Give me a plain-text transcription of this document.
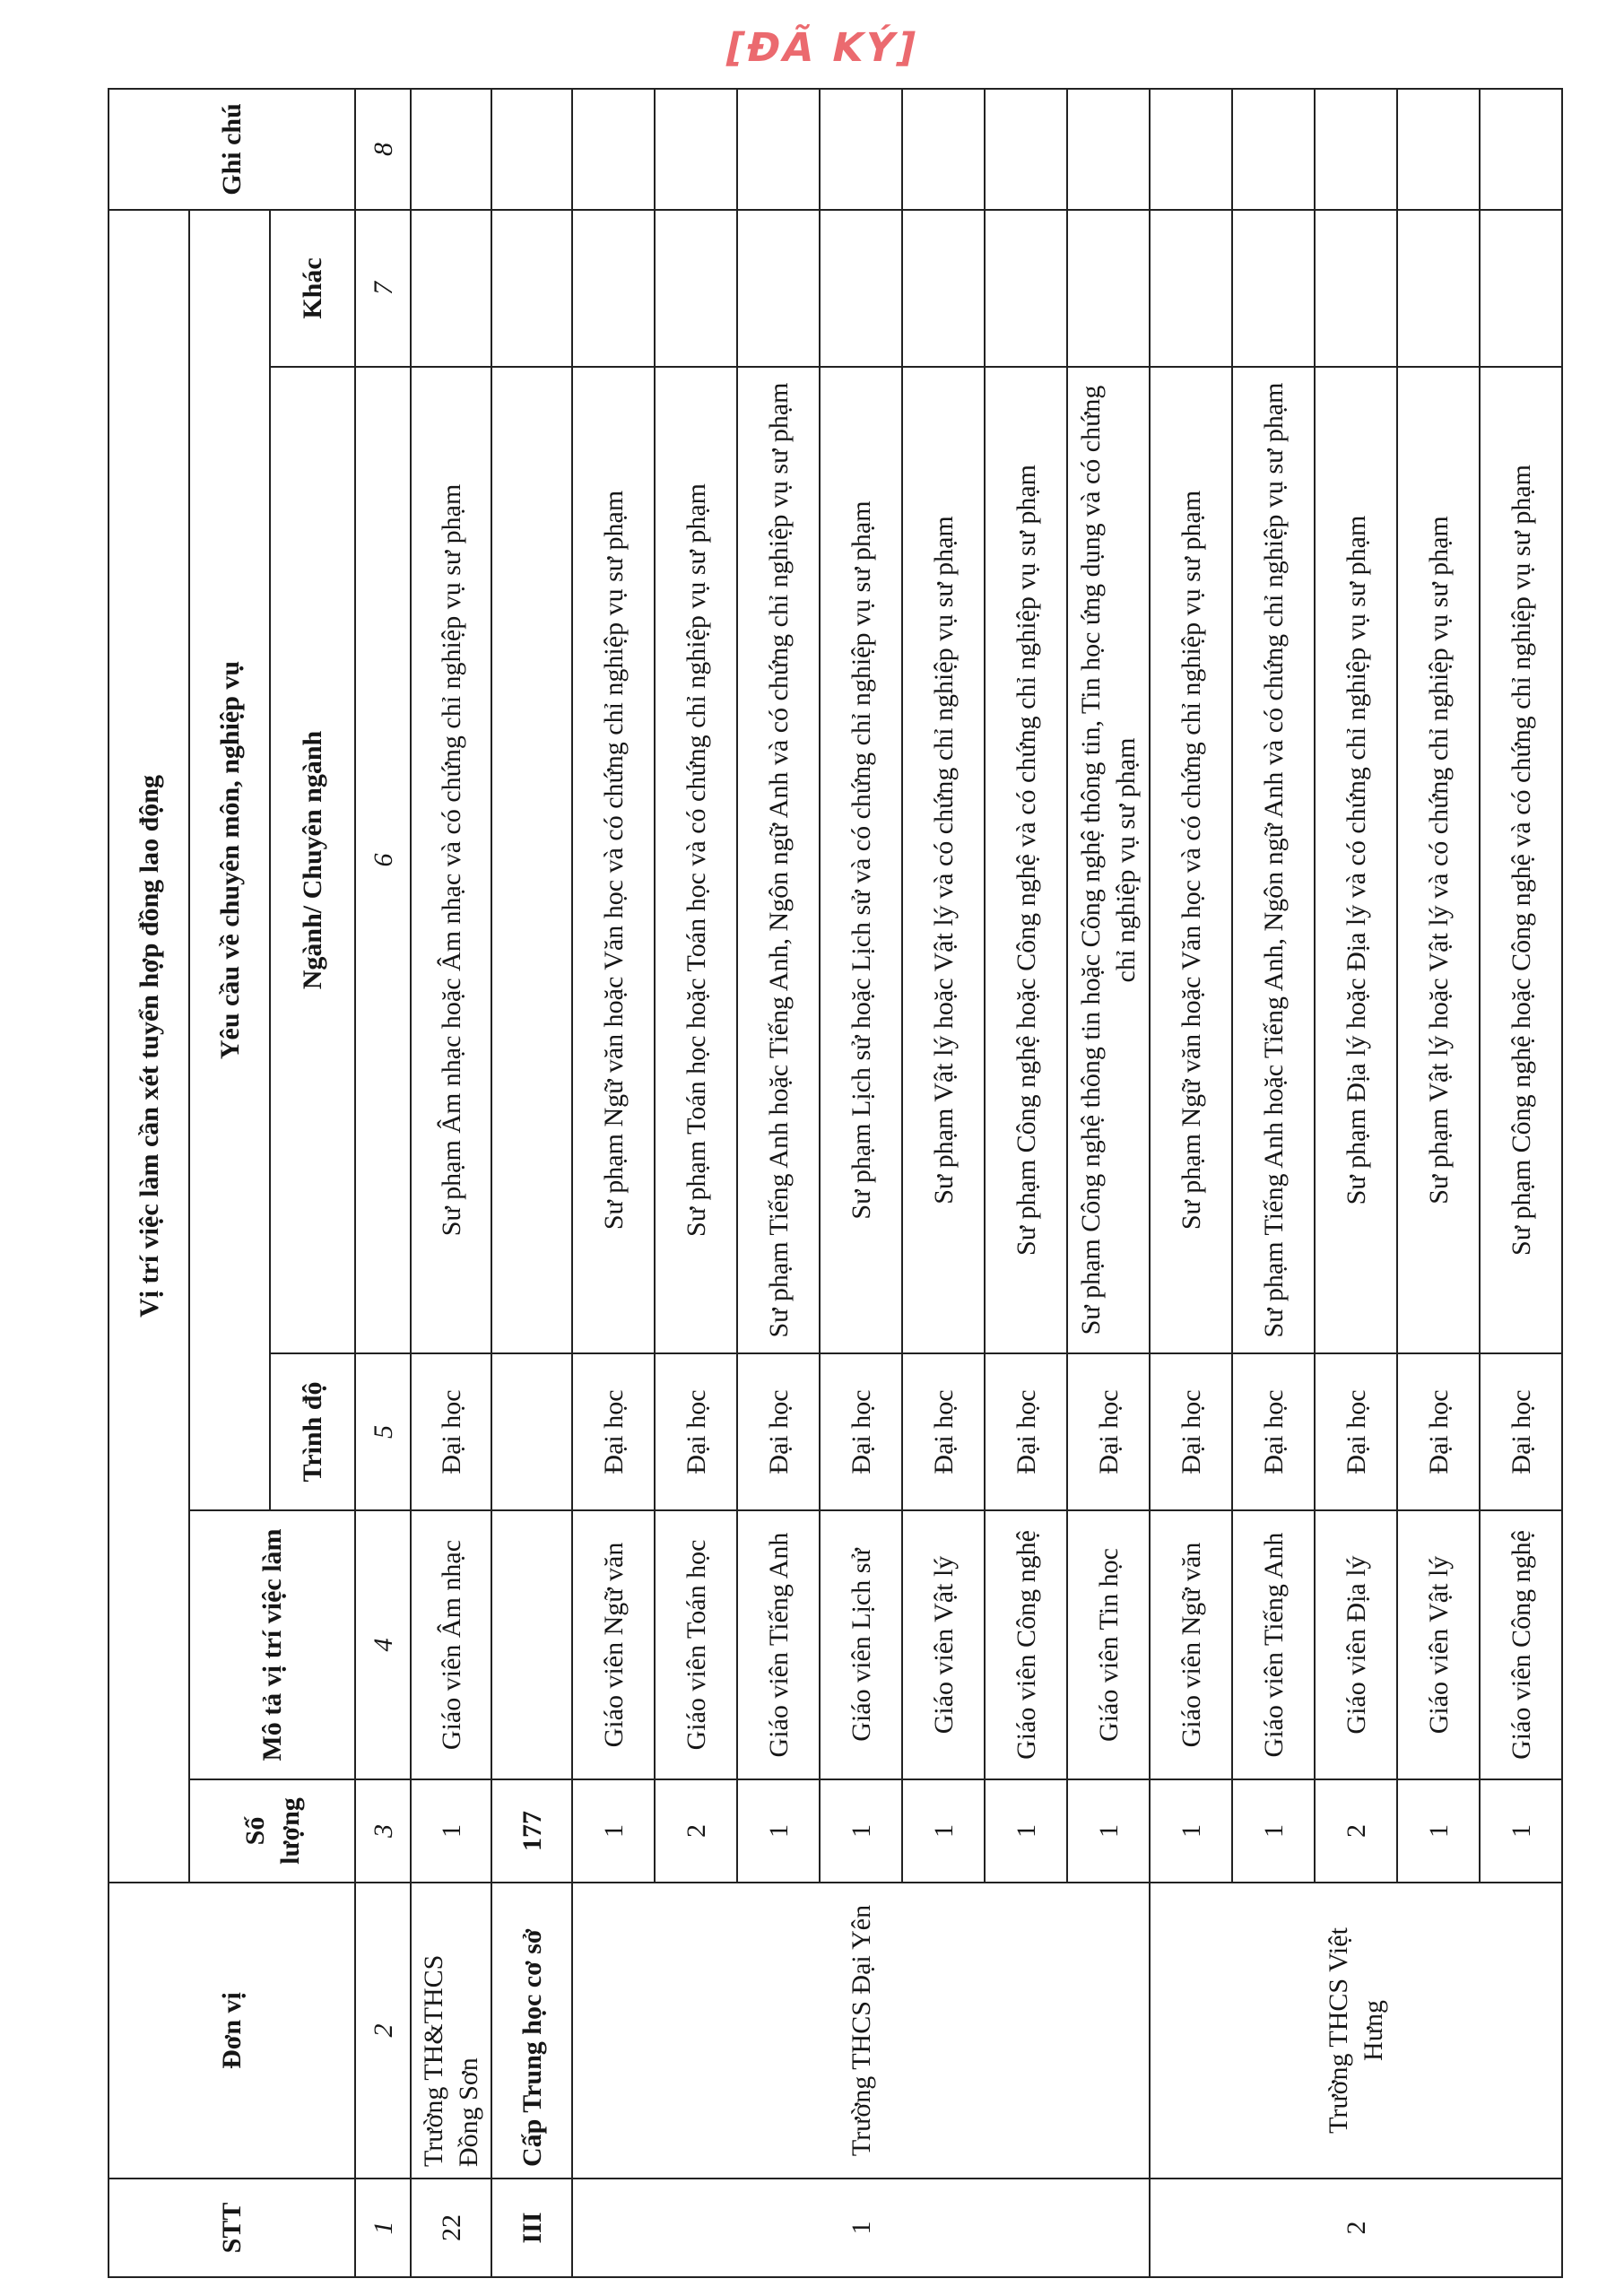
[ĐÃ KÝ]
STT	Đơn vị	Vị trí việc làm cần xét tuyển hợp đồng lao động					Ghi chú
		Số lượng	Mô tả vị trí việc làm	Yêu cầu về chuyên môn, nghiệp vụ			
				Trình độ	Ngành/ Chuyên ngành	Khác	
1	2	3	4	5	6	7	8
22	Trường TH&THCS Đồng Sơn	1	Giáo viên Âm nhạc	Đại học	Sư phạm Âm nhạc hoặc Âm nhạc và có chứng chỉ nghiệp vụ sư phạm		
III	Cấp Trung học cơ sở	177					
1	Trường THCS Đại Yên	1	Giáo viên Ngữ văn	Đại học	Sư phạm Ngữ văn hoặc Văn học và có chứng chỉ nghiệp vụ sư phạm		
		2	Giáo viên Toán học	Đại học	Sư phạm Toán học hoặc Toán học và có chứng chỉ nghiệp vụ sư phạm		
		1	Giáo viên Tiếng Anh	Đại học	Sư phạm Tiếng Anh hoặc Tiếng Anh, Ngôn ngữ Anh và có chứng chỉ nghiệp vụ sư phạm		
		1	Giáo viên Lịch sử	Đại học	Sư phạm Lịch sử hoặc Lịch sử và có chứng chỉ nghiệp vụ sư phạm		
		1	Giáo viên Vật lý	Đại học	Sư phạm Vật lý hoặc Vật lý và có chứng chỉ nghiệp vụ sư phạm		
		1	Giáo viên Công nghệ	Đại học	Sư phạm Công nghệ hoặc Công nghệ và có chứng chỉ nghiệp vụ sư phạm		
		1	Giáo viên Tin học	Đại học	Sư phạm Công nghệ thông tin hoặc Công nghệ thông tin, Tin học ứng dụng và có chứng chỉ nghiệp vụ sư phạm		
2	Trường THCS Việt Hưng	1	Giáo viên Ngữ văn	Đại học	Sư phạm Ngữ văn hoặc Văn học và có chứng chỉ nghiệp vụ sư phạm		
		1	Giáo viên Tiếng Anh	Đại học	Sư phạm Tiếng Anh hoặc Tiếng Anh, Ngôn ngữ Anh và có chứng chỉ nghiệp vụ sư phạm		
		2	Giáo viên Địa lý	Đại học	Sư phạm Địa lý hoặc Địa lý và có chứng chỉ nghiệp vụ sư phạm		
		1	Giáo viên Vật lý	Đại học	Sư phạm Vật lý hoặc Vật lý và có chứng chỉ nghiệp vụ sư phạm		
		1	Giáo viên Công nghệ	Đại học	Sư phạm Công nghệ hoặc Công nghệ và có chứng chỉ nghiệp vụ sư phạm		
